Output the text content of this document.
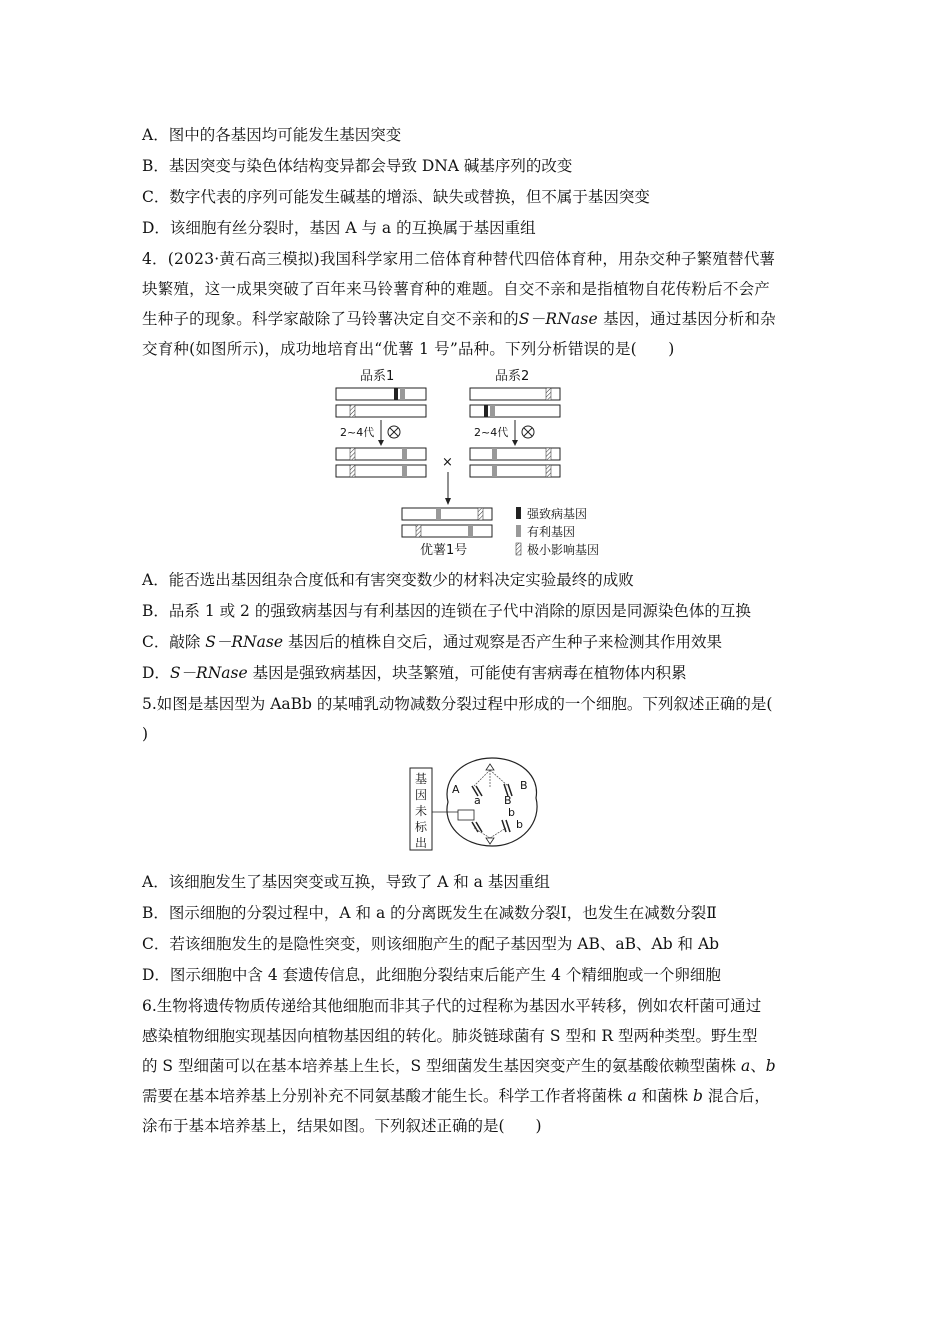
A．图中的各基因均可能发生基因突变
B．基因突变与染色体结构变异都会导致 DNA 碱基序列的改变
C．数字代表的序列可能发生碱基的增添、缺失或替换，但不属于基因突变
D．该细胞有丝分裂时，基因 A 与 a 的互换属于基因重组
4．(2023·黄石高三模拟)我国科学家用二倍体育种替代四倍体育种，用杂交种子繁殖替代薯
块繁殖，这一成果突破了百年来马铃薯育种的难题。自交不亲和是指植物自花传粉后不会产
生种子的现象。科学家敲除了马铃薯决定自交不亲和的S－RNase 基因，通过基因分析和杂
交育种(如图所示)，成功地培育出“优薯 1 号”品种。下列分析错误的是(　　)
品系1	品系2
2~4代	2~4代
×
优薯1号
强致病基因
有利基因
极小影响基因
A．能否选出基因组杂合度低和有害突变数少的材料决定实验最终的成败
B．品系 1 或 2 的强致病基因与有利基因的连锁在子代中消除的原因是同源染色体的互换
C．敲除 S－RNase 基因后的植株自交后，通过观察是否产生种子来检测其作用效果
D．S－RNase 基因是强致病基因，块茎繁殖，可能使有害病毒在植物体内积累
5.如图是基因型为 AaBb 的某哺乳动物减数分裂过程中形成的一个细胞。下列叙述正确的是(
)
基因未标出
A
a
B
B
b
b
A．该细胞发生了基因突变或互换，导致了 A 和 a 基因重组
B．图示细胞的分裂过程中，A 和 a 的分离既发生在减数分裂Ⅰ，也发生在减数分裂Ⅱ
C．若该细胞发生的是隐性突变，则该细胞产生的配子基因型为 AB、aB、Ab 和 Ab
D．图示细胞中含 4 套遗传信息，此细胞分裂结束后能产生 4 个精细胞或一个卵细胞
6.生物将遗传物质传递给其他细胞而非其子代的过程称为基因水平转移，例如农杆菌可通过
感染植物细胞实现基因向植物基因组的转化。肺炎链球菌有 S 型和 R 型两种类型。野生型
的 S 型细菌可以在基本培养基上生长，S 型细菌发生基因突变产生的氨基酸依赖型菌株 a、b
需要在基本培养基上分别补充不同氨基酸才能生长。科学工作者将菌株 a 和菌株 b 混合后，
涂布于基本培养基上，结果如图。下列叙述正确的是(　　)
